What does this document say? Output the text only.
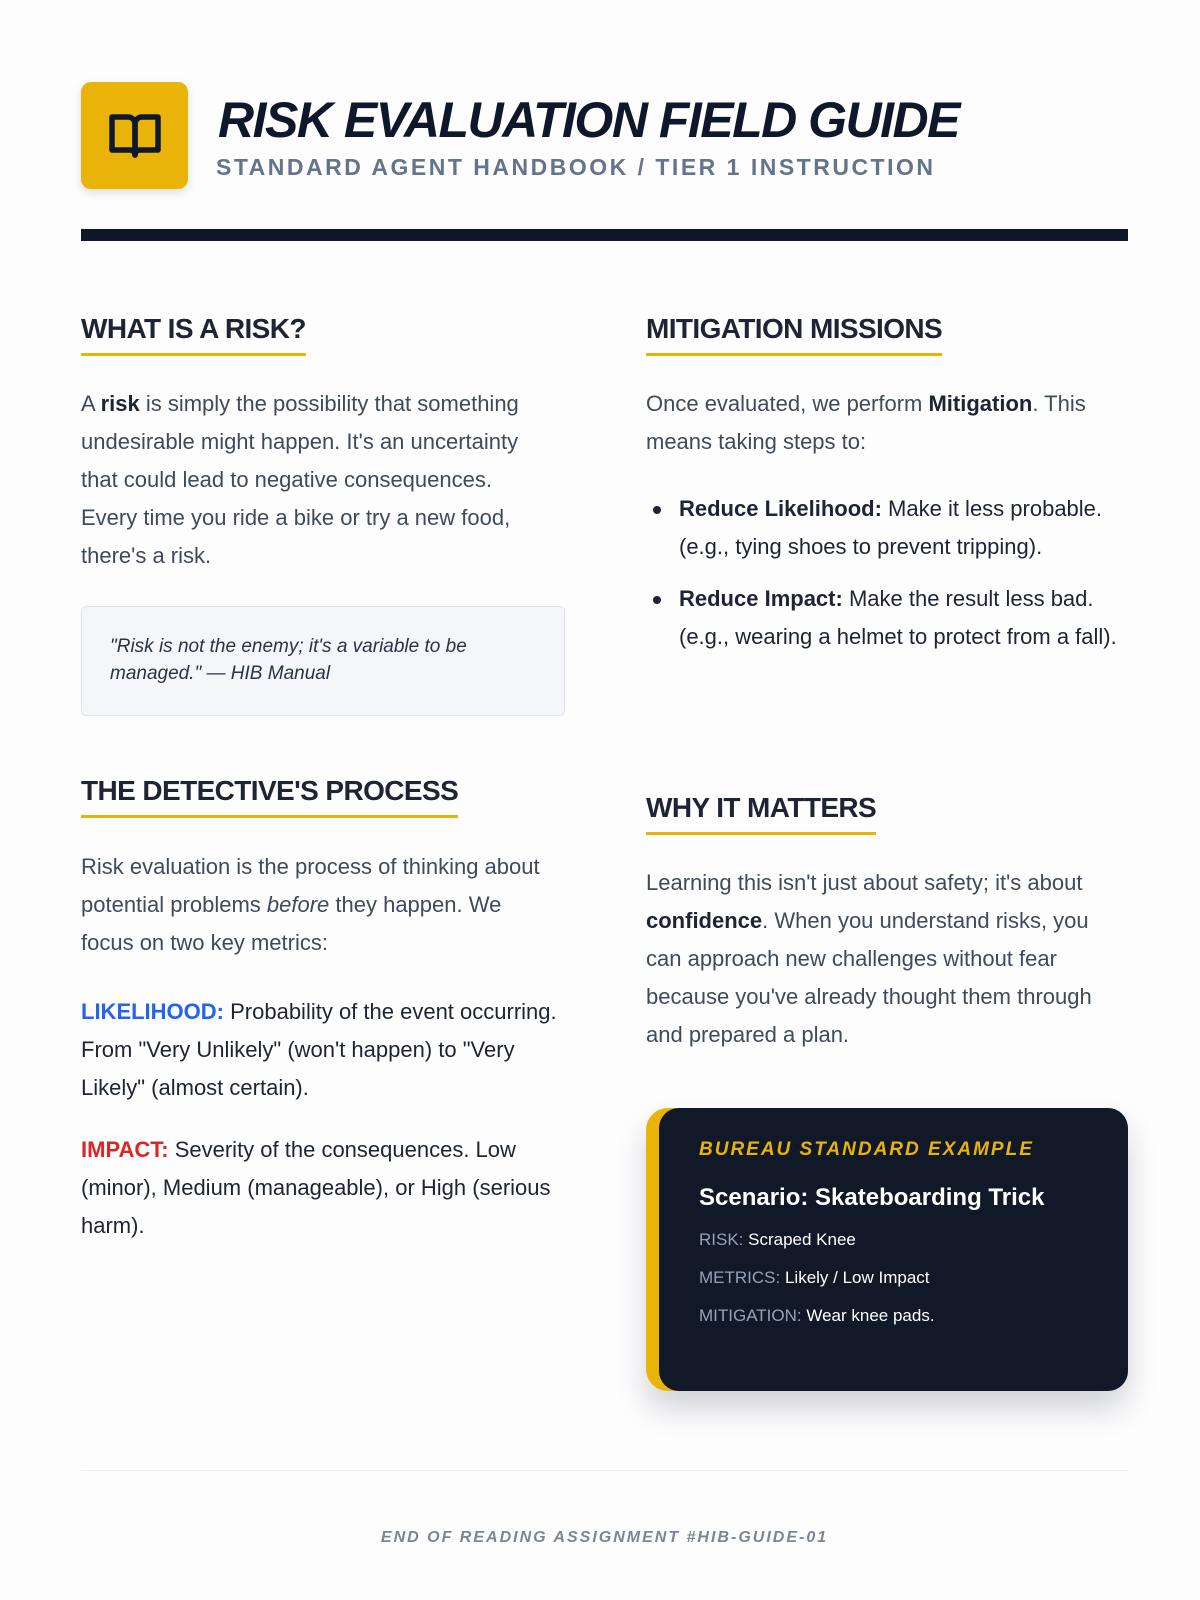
RISK EVALUATION FIELD GUIDE
STANDARD AGENT HANDBOOK / TIER 1 INSTRUCTION
WHAT IS A RISK?

A risk is simply the possibility that something undesirable might happen. It's an uncertainty that could lead to negative consequences. Every time you ride a bike or try a new food, there's a risk.

"Risk is not the enemy; it's a variable to be managed." — HIB Manual
THE DETECTIVE'S PROCESS

Risk evaluation is the process of thinking about potential problems before they happen. We focus on two key metrics:

LIKELIHOOD: Probability of the event occurring. From "Very Unlikely" (won't happen) to "Very Likely" (almost certain).

IMPACT: Severity of the consequences. Low (minor), Medium (manageable), or High (serious harm).

MITIGATION MISSIONS

Once evaluated, we perform Mitigation. This means taking steps to:

Reduce Likelihood: Make it less probable. (e.g., tying shoes to prevent tripping).
Reduce Impact: Make the result less bad. (e.g., wearing a helmet to protect from a fall).
WHY IT MATTERS

Learning this isn't just about safety; it's about confidence. When you understand risks, you can approach new challenges without fear because you've already thought them through and prepared a plan.

BUREAU STANDARD EXAMPLE
Scenario: Skateboarding Trick
RISK: Scraped Knee
METRICS: Likely / Low Impact
MITIGATION: Wear knee pads.
END OF READING ASSIGNMENT #HIB-GUIDE-01
